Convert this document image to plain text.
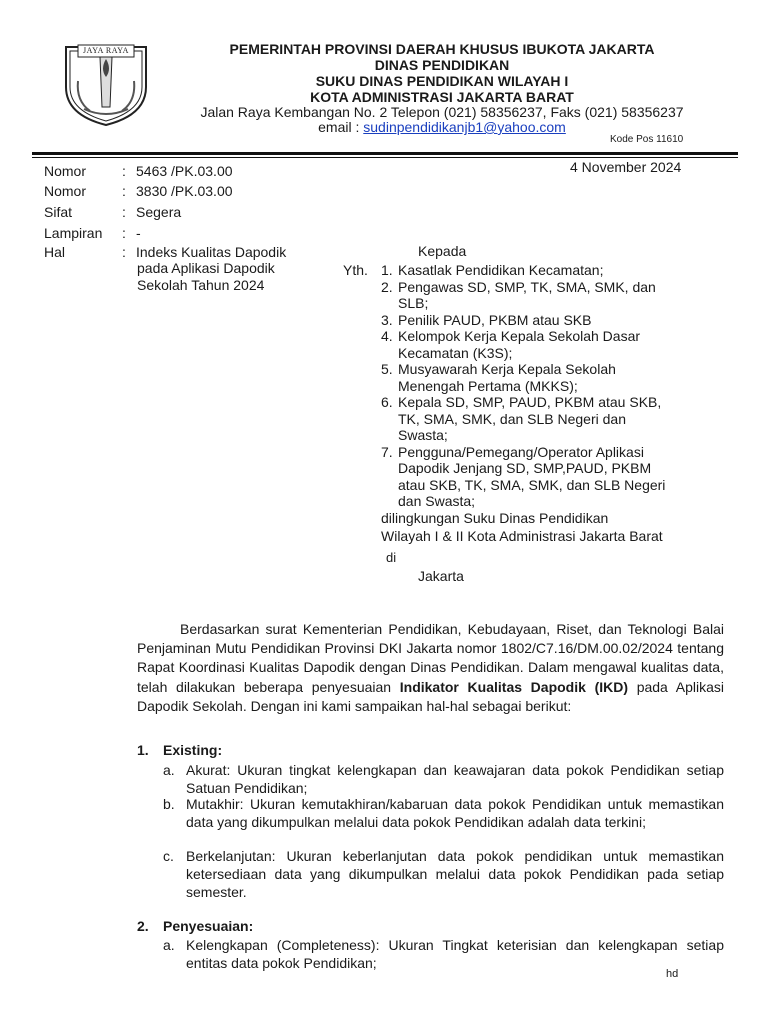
JAYA RAYA	PEMERINTAH PROVINSI DAERAH KHUSUS IBUKOTA JAKARTA
DINAS PENDIDIKAN
SUKU DINAS PENDIDIKAN WILAYAH I
KOTA ADMINISTRASI JAKARTA BARAT
Jalan Raya Kembangan No. 2 Telepon (021) 58356237, Faks (021) 58356237
email : sudinpendidikanjb1@yahoo.com
Kode Pos 11610
4 November 2024
Nomor	: 5463 /PK.03.00
Nomor	: 3830 /PK.03.00
Sifat	: Segera
Lampiran : -
Hal	: Indeks Kualitas Dapodik
pada Aplikasi Dapodik
Sekolah Tahun 2024
Kepada
Yth. 1. Kasatlak Pendidikan Kecamatan;
2. Pengawas SD, SMP, TK, SMA, SMK, dan
SLB;
3. Penilik PAUD, PKBM atau SKB
4. Kelompok Kerja Kepala Sekolah Dasar
Kecamatan (K3S);
5. Musyawarah Kerja Kepala Sekolah
Menengah Pertama (MKKS);
6. Kepala SD, SMP, PAUD, PKBM atau SKB,
TK, SMA, SMK, dan SLB Negeri dan
Swasta;
7. Pengguna/Pemegang/Operator Aplikasi
Dapodik Jenjang SD, SMP,PAUD, PKBM
atau SKB, TK, SMA, SMK, dan SLB Negeri
dan Swasta;
dilingkungan Suku Dinas Pendidikan
Wilayah I & II Kota Administrasi Jakarta Barat
di
Jakarta
Berdasarkan surat Kementerian Pendidikan, Kebudayaan, Riset, dan Teknologi Balai Penjaminan Mutu Pendidikan Provinsi DKI Jakarta nomor 1802/C7.16/DM.00.02/2024 tentang Rapat Koordinasi Kualitas Dapodik dengan Dinas Pendidikan. Dalam mengawal kualitas data, telah dilakukan beberapa penyesuaian Indikator Kualitas Dapodik (IKD) pada Aplikasi Dapodik Sekolah. Dengan ini kami sampaikan hal-hal sebagai berikut:
1. Existing:
a. Akurat: Ukuran tingkat kelengkapan dan keawajaran data pokok Pendidikan setiap Satuan Pendidikan;
b. Mutakhir: Ukuran kemutakhiran/kabaruan data pokok Pendidikan untuk memastikan data yang dikumpulkan melalui data pokok Pendidikan adalah data terkini;
c. Berkelanjutan: Ukuran keberlanjutan data pokok pendidikan untuk memastikan ketersediaan data yang dikumpulkan melalui data pokok Pendidikan pada setiap semester.
2. Penyesuaian:
a. Kelengkapan (Completeness): Ukuran Tingkat keterisian dan kelengkapan setiap entitas data pokok Pendidikan;
hd
